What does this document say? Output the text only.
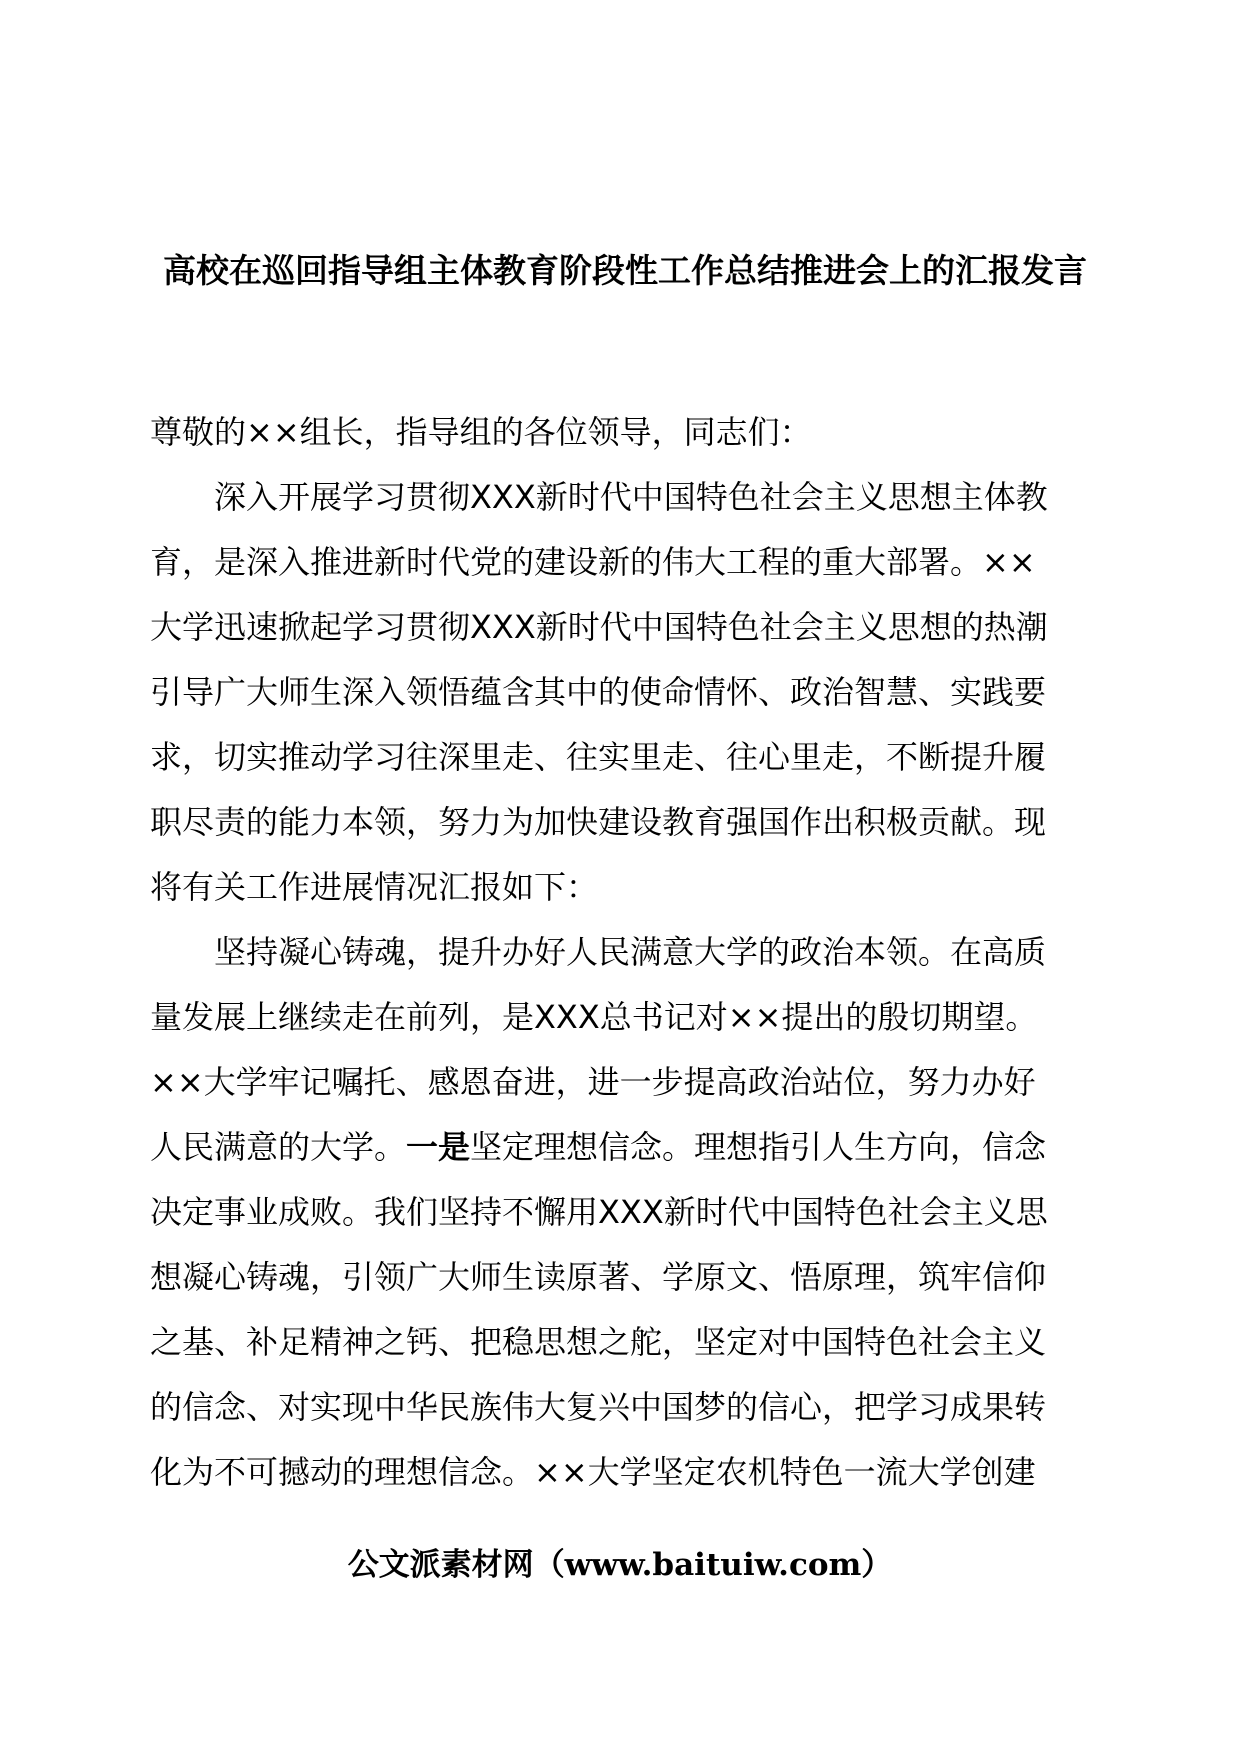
高校在巡回指导组主体教育阶段性工作总结推进会上的汇报发言
尊敬的××组长，指导组的各位领导，同志们：
深入开展学习贯彻XXX新时代中国特色社会主义思想主体教
育，是深入推进新时代党的建设新的伟大工程的重大部署。××
大学迅速掀起学习贯彻XXX新时代中国特色社会主义思想的热潮
引导广大师生深入领悟蕴含其中的使命情怀、政治智慧、实践要
求，切实推动学习往深里走、往实里走、往心里走，不断提升履
职尽责的能力本领，努力为加快建设教育强国作出积极贡献。现
将有关工作进展情况汇报如下：
坚持凝心铸魂，提升办好人民满意大学的政治本领。在高质
量发展上继续走在前列，是XXX总书记对××提出的殷切期望。
××大学牢记嘱托、感恩奋进，进一步提高政治站位，努力办好
人民满意的大学。一是坚定理想信念。理想指引人生方向，信念
决定事业成败。我们坚持不懈用XXX新时代中国特色社会主义思
想凝心铸魂，引领广大师生读原著、学原文、悟原理，筑牢信仰
之基、补足精神之钙、把稳思想之舵，坚定对中国特色社会主义
的信念、对实现中华民族伟大复兴中国梦的信心，把学习成果转
化为不可撼动的理想信念。××大学坚定农机特色一流大学创建
公文派素材网（www.baituiw.com）
